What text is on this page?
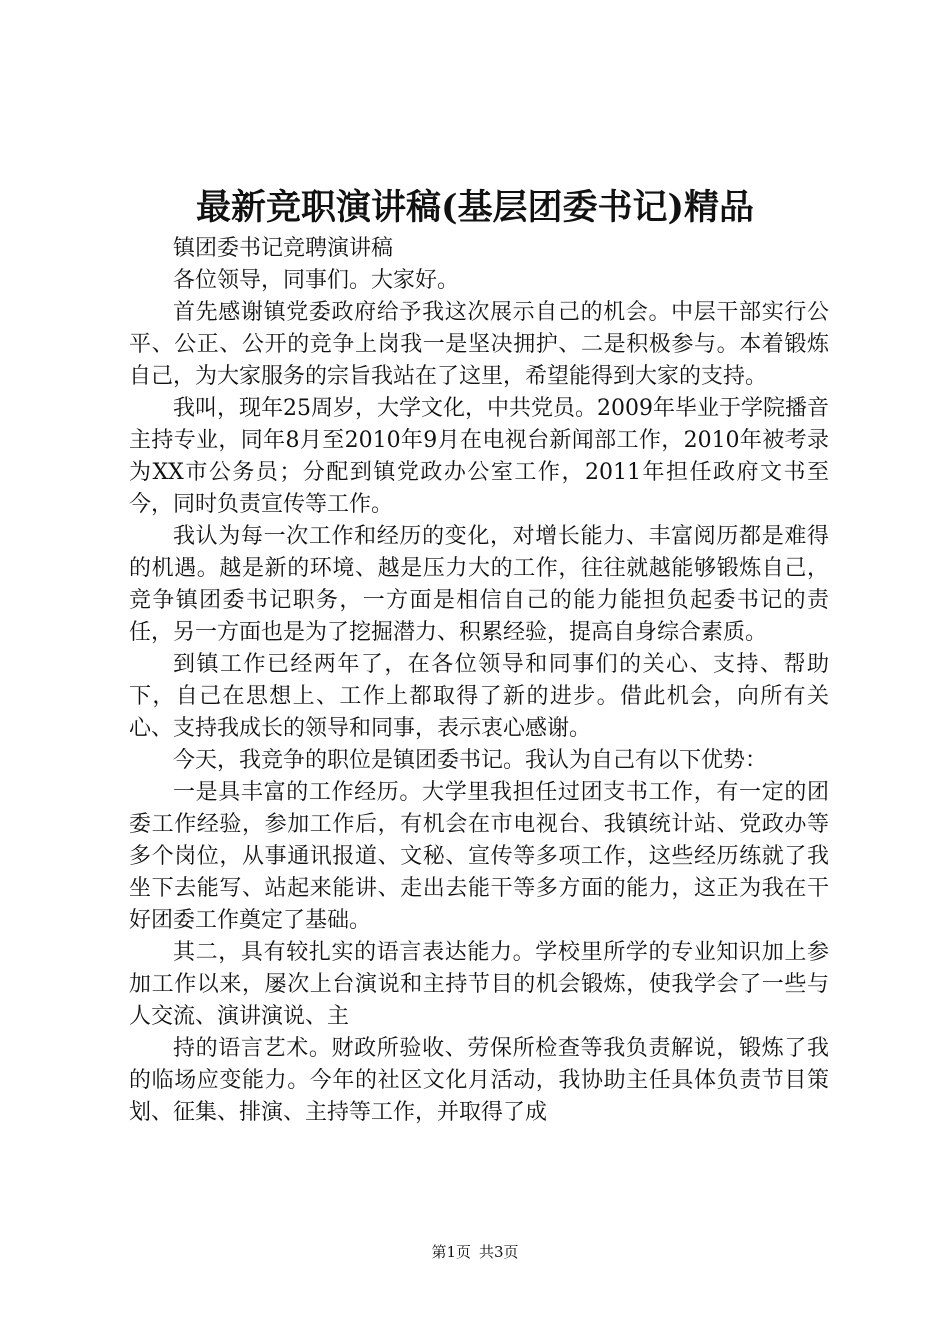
最新竞职演讲稿(基层团委书记)精品

镇团委书记竞聘演讲稿

各位领导，同事们。大家好。

首先感谢镇党委政府给予我这次展示自己的机会。中层干部实行公平、公正、公开的竞争上岗我一是坚决拥护、二是积极参与。本着锻炼自己，为大家服务的宗旨我站在了这里，希望能得到大家的支持。

我叫，现年25周岁，大学文化，中共党员。2009年毕业于学院播音主持专业，同年8月至2010年9月在电视台新闻部工作，2010年被考录为XX市公务员；分配到镇党政办公室工作，2011年担任政府文书至今，同时负责宣传等工作。

我认为每一次工作和经历的变化，对增长能力、丰富阅历都是难得的机遇。越是新的环境、越是压力大的工作，往往就越能够锻炼自己，竞争镇团委书记职务，一方面是相信自己的能力能担负起委书记的责任，另一方面也是为了挖掘潜力、积累经验，提高自身综合素质。

到镇工作已经两年了，在各位领导和同事们的关心、支持、帮助下，自己在思想上、工作上都取得了新的进步。借此机会，向所有关心、支持我成长的领导和同事，表示衷心感谢。

今天，我竞争的职位是镇团委书记。我认为自己有以下优势：

一是具丰富的工作经历。大学里我担任过团支书工作，有一定的团委工作经验，参加工作后，有机会在市电视台、我镇统计站、党政办等多个岗位，从事通讯报道、文秘、宣传等多项工作，这些经历练就了我坐下去能写、站起来能讲、走出去能干等多方面的能力，这正为我在干好团委工作奠定了基础。

其二，具有较扎实的语言表达能力。学校里所学的专业知识加上参加工作以来，屡次上台演说和主持节目的机会锻炼，使我学会了一些与人交流、演讲演说、主

持的语言艺术。财政所验收、劳保所检查等我负责解说，锻炼了我的临场应变能力。今年的社区文化月活动，我协助主任具体负责节目策划、征集、排演、主持等工作，并取得了成

第1页 共3页
